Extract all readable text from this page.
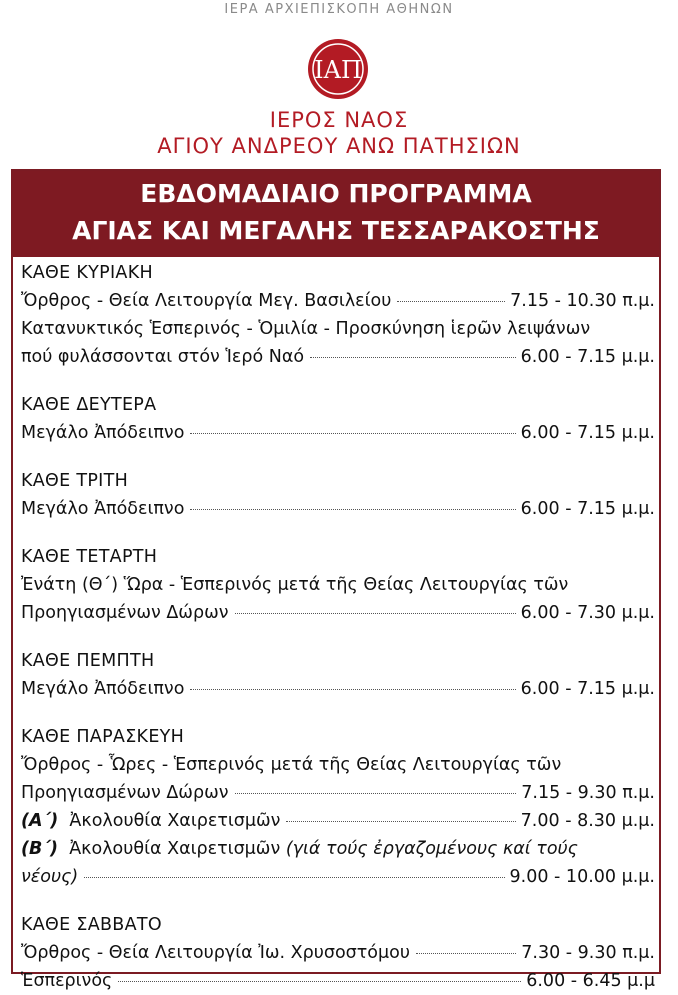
ΙΕΡΑ ΑΡΧΙΕΠΙΣΚΟΠΗ ΑΘΗΝΩΝ
ΙΑΠ
ΙΕΡΟΣ ΝΑΟΣ
ΑΓΙΟΥ ΑΝΔΡΕΟΥ ΑΝΩ ΠΑΤΗΣΙΩΝ
ΕΒΔΟΜΑΔΙΑΙΟ ΠΡΟΓΡΑΜΜΑ
ΑΓΙΑΣ ΚΑΙ ΜΕΓΑΛΗΣ ΤΕΣΣΑΡΑΚΟΣΤΗΣ
ΚΑΘΕ ΚΥΡΙΑΚΗ
Ὄρθρος - Θεία Λειτουργία Μεγ. Βασιλείου	7.15 - 10.30 π.μ.
Κατανυκτικός Ἑσπερινός - Ὁμιλία - Προσκύνηση ἱερῶν λειψάνων
πού φυλάσσονται στόν Ἱερό Ναό	6.00 - 7.15 μ.μ.
ΚΑΘΕ ΔΕΥΤΕΡΑ
Μεγάλο Ἀπόδειπνο	6.00 - 7.15 μ.μ.
ΚΑΘΕ ΤΡΙΤΗ
Μεγάλο Ἀπόδειπνο	6.00 - 7.15 μ.μ.
ΚΑΘΕ ΤΕΤΑΡΤΗ
Ἐνάτη (Θ΄) Ὥρα - Ἑσπερινός μετά τῆς Θείας Λειτουργίας τῶν
Προηγιασμένων Δώρων	6.00 - 7.30 μ.μ.
ΚΑΘΕ ΠΕΜΠΤΗ
Μεγάλο Ἀπόδειπνο	6.00 - 7.15 μ.μ.
ΚΑΘΕ ΠΑΡΑΣΚΕΥΗ
Ὄρθρος - Ὧρες - Ἑσπερινός μετά τῆς Θείας Λειτουργίας τῶν
Προηγιασμένων Δώρων	7.15 - 9.30 π.μ.
(Α΄) Ἀκολουθία Χαιρετισμῶν	7.00 - 8.30 μ.μ.
(Β΄) Ἀκολουθία Χαιρετισμῶν (γιά τούς ἐργαζομένους καί τούς
νέους)	9.00 - 10.00 μ.μ.
ΚΑΘΕ ΣΑΒΒΑΤΟ
Ὄρθρος - Θεία Λειτουργία Ἰω. Χρυσοστόμου	7.30 - 9.30 π.μ.
Ἑσπερινός	6.00 - 6.45 μ.μ
